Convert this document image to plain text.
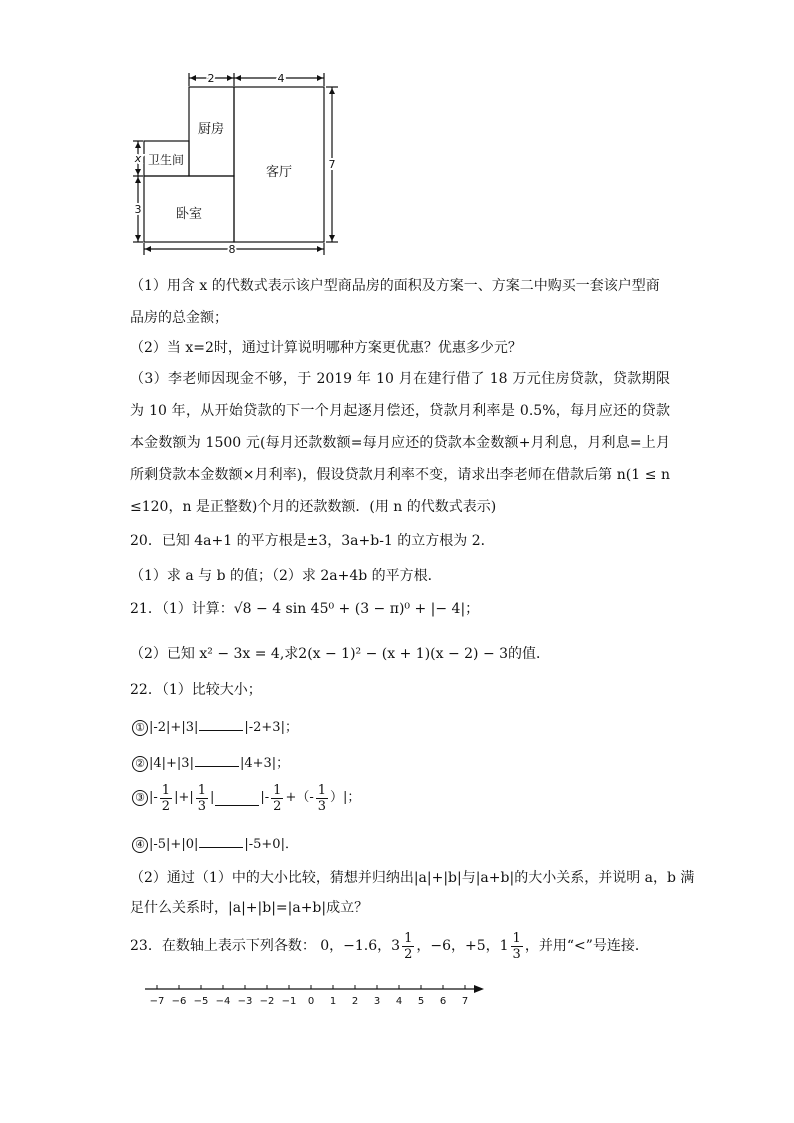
2	4
7
8
x
3
厨房
卫生间
客厅
卧室
（1）用含 x 的代数式表示该户型商品房的面积及方案一、方案二中购买一套该户型商
品房的总金额；
（2）当 x=2时，通过计算说明哪种方案更优惠？优惠多少元？
（3）李老师因现金不够，于 2019 年 10 月在建行借了 18 万元住房贷款，贷款期限为 10 年，从开始贷款的下一个月起逐月偿还，贷款月利率是 0.5%，每月应还的贷款本金数额为 1500 元(每月还款数额=每月应还的贷款本金数额+月利息，月利息=上月所剩贷款本金数额×月利率)，假设贷款月利率不变，请求出李老师在借款后第 n(1 ≤ n ≤120，n 是正整数)个月的还款数额．(用 n 的代数式表示)
20．已知 4a+1 的平方根是±3，3a+b-1 的立方根为 2．
（1）求 a 与 b 的值；（2）求 2a+4b 的平方根．
21．（1）计算：√8 − 4 sin 45⁰ + (3 − π)⁰ + |− 4|；
（2）已知 x² − 3x = 4,求2(x − 1)² − (x + 1)(x − 2) − 3的值．
22．（1）比较大小；
① |-2|+|3|	|-2+3|；
② |4|+|3|	|4+3|；
③ |- $\frac{1}{2}$ |+| $\frac{1}{3}$ |	|- $\frac{1}{2}$ +（- $\frac{1}{3}$ ）|；
④ |-5|+|0|	|-5+0|．
（2）通过（1）中的大小比较，猜想并归纳出|a|+|b|与|a+b|的大小关系，并说明 a，b 满
足什么关系时，|a|+|b|=|a+b|成立？
23．在数轴上表示下列各数： 0，−1.6，$3 \frac{1}{2}$ ，−6，+5，$1 \frac{1}{3}$ ，并用“<”号连接．
−7 −6 −5 −4 −3 −2 −1 0 1 2 3 4 5 6 7
